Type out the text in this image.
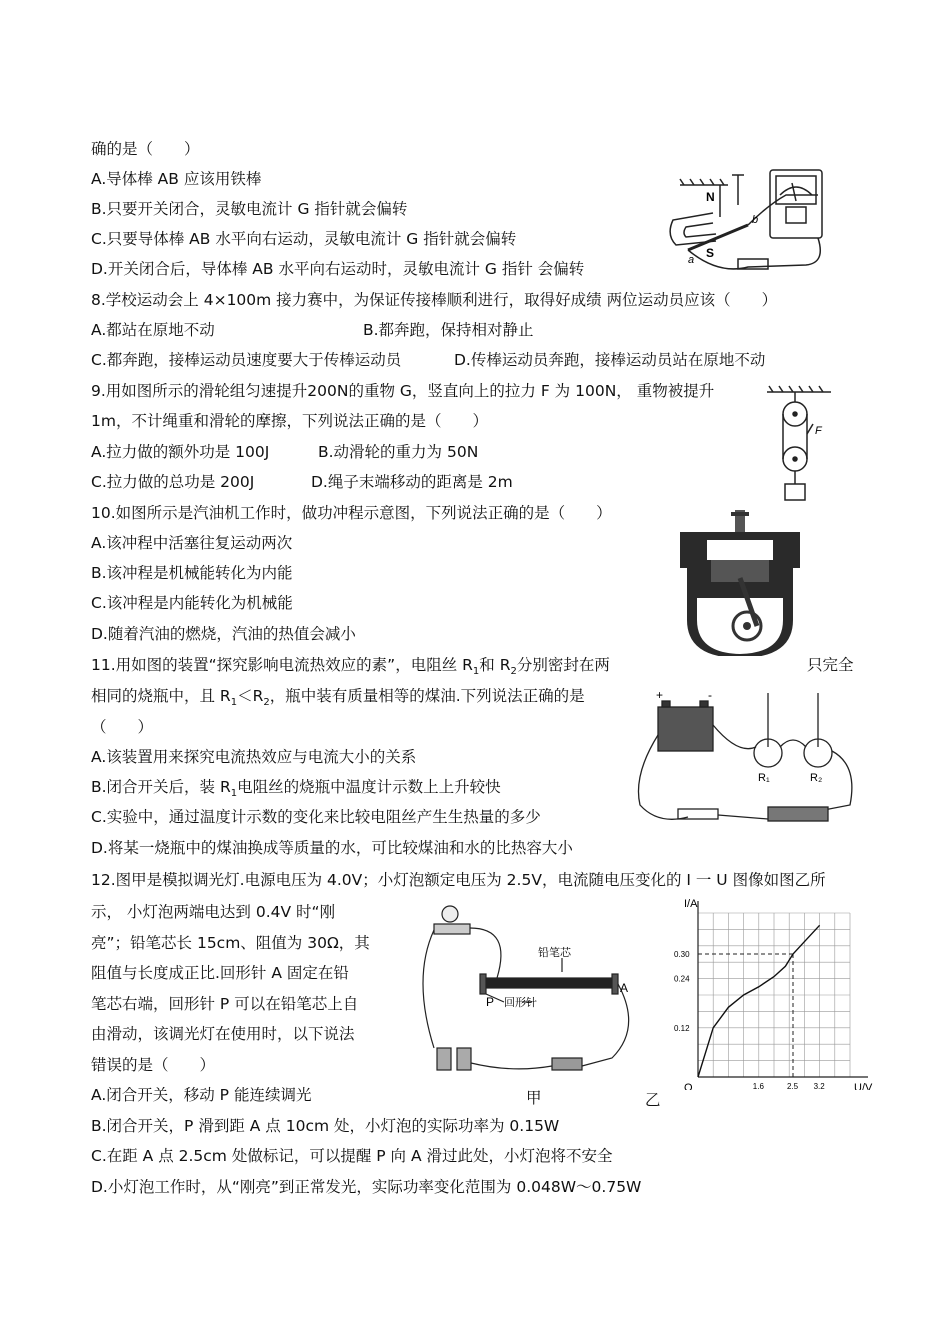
确的是（　　）
A.导体棒 AB 应该用铁棒
B.只要开关闭合，灵敏电流计 G 指针就会偏转
C.只要导体棒 AB 水平向右运动，灵敏电流计 G 指针就会偏转
D.开关闭合后，导体棒 AB 水平向右运动时，灵敏电流计 G 指针 会偏转
N
S
a
b
8.学校运动会上 4×100m 接力赛中，为保证传接棒顺利进行，取得好成绩 两位运动员应该（　　）
A.都站在原地不动	B.都奔跑，保持相对静止
C.都奔跑，接棒运动员速度要大于传棒运动员	D.传棒运动员奔跑，接棒运动员站在原地不动
9.用如图所示的滑轮组匀速提升200N的重物 G，竖直向上的拉力 F 为 100N， 重物被提升
1m，不计绳重和滑轮的摩擦，下列说法正确的是（　　）
A.拉力做的额外功是 100J	B.动滑轮的重力为 50N
C.拉力做的总功是 200J	D.绳子末端移动的距离是 2m
F
10.如图所示是汽油机工作时，做功冲程示意图，下列说法正确的是（　　）
A.该冲程中活塞往复运动两次
B.该冲程是机械能转化为内能
C.该冲程是内能转化为机械能
D.随着汽油的燃烧，汽油的热值会减小
11.用如图的装置“探究影响电流热效应的素”，电阻丝 $R_1$和 $R_2$分别密封在两	只完全
相同的烧瓶中，且 $R_1<R_2$，瓶中装有质量相等的煤油.下列说法正确的是
（　　）
A.该装置用来探究电流热效应与电流大小的关系
B.闭合开关后，装 $R_1$电阻丝的烧瓶中温度计示数上上升较快
C.实验中，通过温度计示数的变化来比较电阻丝产生生热量的多少
D.将某一烧瓶中的煤油换成等质量的水，可比较煤油和水的比热容大小
+	-
R₁	R₂
12.图甲是模拟调光灯.电源电压为 4.0V；小灯泡额定电压为 2.5V，电流随电压变化的 I 一 U 图像如图乙所
示， 小灯泡两端电达到 0.4V 时“刚
亮”；铅笔芯长 15cm、阻值为 30Ω，其
阻值与长度成正比.回形针 A 固定在铅
笔芯右端，回形针 P 可以在铅笔芯上自
由滑动，该调光灯在使用时，以下说法
错误的是（　　）
A.闭合开关，移动 P 能连续调光
B.闭合开关，P 滑到距 A 点 10cm 处，小灯泡的实际功率为 0.15W
C.在距 A 点 2.5cm 处做标记，可以提醒 P 向 A 滑过此处，小灯泡将不安全
D.小灯泡工作时，从“刚亮”到正常发光，实际功率变化范围为 0.048W～0.75W
铅笔芯
P 回形针
A
甲	乙
I/A
U/V
O	1.6	2.5 3.2
0.12
0.24
0.30
